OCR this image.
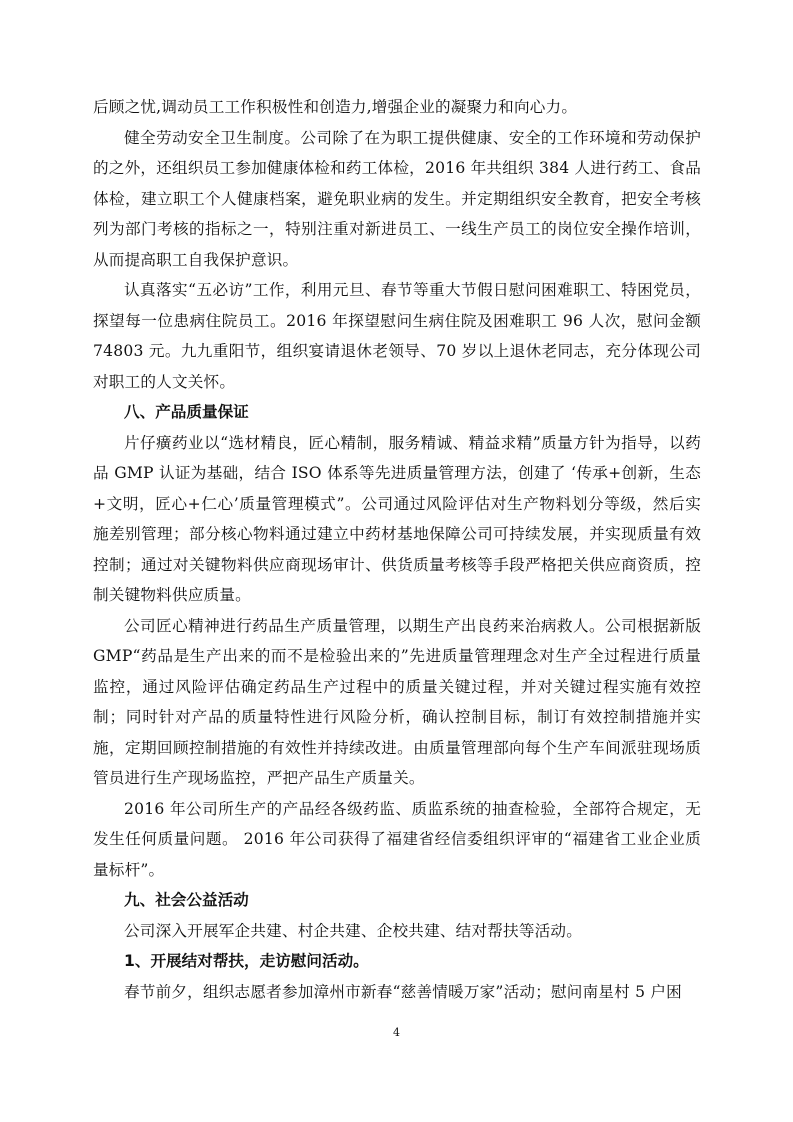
后顾之忧,调动员工工作积极性和创造力,增强企业的凝聚力和向心力。

健全劳动安全卫生制度。公司除了在为职工提供健康、安全的工作环境和劳动保护的之外，还组织员工参加健康体检和药工体检，2016 年共组织 384 人进行药工、食品体检，建立职工个人健康档案，避免职业病的发生。并定期组织安全教育，把安全考核列为部门考核的指标之一，特别注重对新进员工、一线生产员工的岗位安全操作培训，从而提高职工自我保护意识。

认真落实“五必访”工作，利用元旦、春节等重大节假日慰问困难职工、特困党员，探望每一位患病住院员工。2016 年探望慰问生病住院及困难职工 96 人次，慰问金额 74803 元。九九重阳节，组织宴请退休老领导、70 岁以上退休老同志，充分体现公司对职工的人文关怀。

八、产品质量保证

片仔癀药业以“选材精良，匠心精制，服务精诚、精益求精”质量方针为指导，以药品 GMP 认证为基础，结合 ISO 体系等先进质量管理方法，创建了 ‘传承+创新，生态+文明，匠心+仁心’质量管理模式”。公司通过风险评估对生产物料划分等级，然后实施差别管理；部分核心物料通过建立中药材基地保障公司可持续发展，并实现质量有效控制；通过对关键物料供应商现场审计、供货质量考核等手段严格把关供应商资质，控制关键物料供应质量。

公司匠心精神进行药品生产质量管理，以期生产出良药来治病救人。公司根据新版 GMP“药品是生产出来的而不是检验出来的”先进质量管理理念对生产全过程进行质量监控，通过风险评估确定药品生产过程中的质量关键过程，并对关键过程实施有效控制；同时针对产品的质量特性进行风险分析，确认控制目标，制订有效控制措施并实施，定期回顾控制措施的有效性并持续改进。由质量管理部向每个生产车间派驻现场质管员进行生产现场监控，严把产品生产质量关。

2016 年公司所生产的产品经各级药监、质监系统的抽查检验，全部符合规定，无发生任何质量问题。 2016 年公司获得了福建省经信委组织评审的“福建省工业企业质量标杆”。

九、社会公益活动

公司深入开展军企共建、村企共建、企校共建、结对帮扶等活动。

1、开展结对帮扶，走访慰问活动。

春节前夕，组织志愿者参加漳州市新春“慈善情暖万家”活动；慰问南星村 5 户困

4
